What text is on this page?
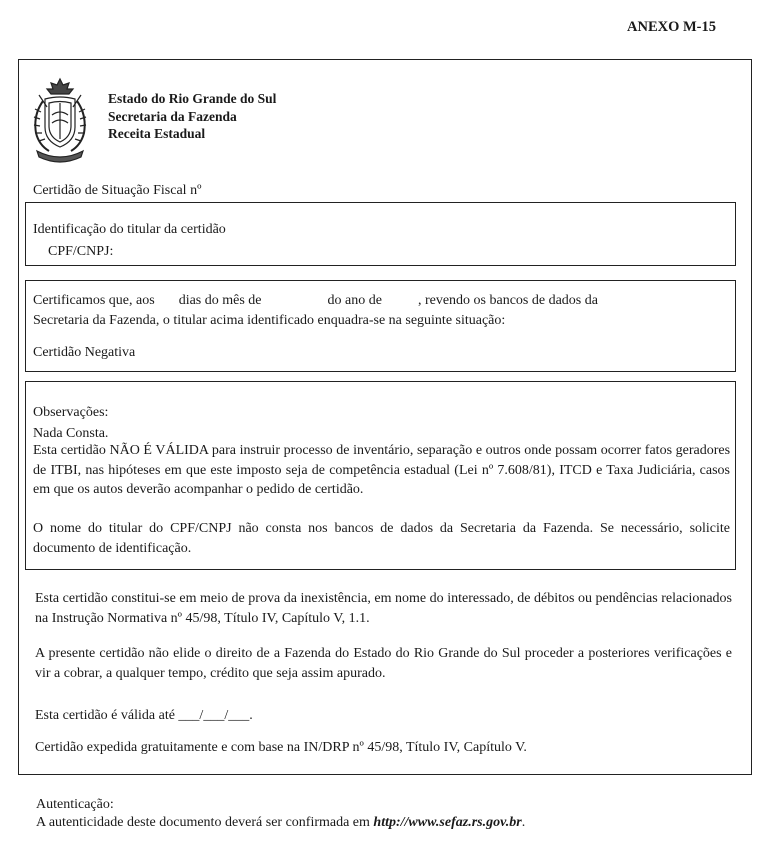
ANEXO M-15
Estado do Rio Grande do Sul
Secretaria da Fazenda
Receita Estadual
Certidão de Situação Fiscal nº
Identificação do titular da certidão
CPF/CNPJ:
Certificamos que, aos dias do mês de	do ano de	, revendo os bancos de dados da
Secretaria da Fazenda, o titular acima identificado enquadra-se na seguinte situação:
Certidão Negativa
Observações:
Nada Consta.
Esta certidão NÃO É VÁLIDA para instruir processo de inventário, separação e outros onde possam ocorrer fatos geradores de ITBI, nas hipóteses em que este imposto seja de competência estadual (Lei nº 7.608/81), ITCD e Taxa Judiciária, casos em que os autos deverão acompanhar o pedido de certidão.
O nome do titular do CPF/CNPJ não consta nos bancos de dados da Secretaria da Fazenda. Se necessário, solicite documento de identificação.
Esta certidão constitui-se em meio de prova da inexistência, em nome do interessado, de débitos ou pendências relacionados na Instrução Normativa nº 45/98, Título IV, Capítulo V, 1.1.
A presente certidão não elide o direito de a Fazenda do Estado do Rio Grande do Sul proceder a posteriores verificações e vir a cobrar, a qualquer tempo, crédito que seja assim apurado.
Esta certidão é válida até ___/___/___.
Certidão expedida gratuitamente e com base na IN/DRP nº 45/98, Título IV, Capítulo V.
Autenticação:
A autenticidade deste documento deverá ser confirmada em http://www.sefaz.rs.gov.br.
